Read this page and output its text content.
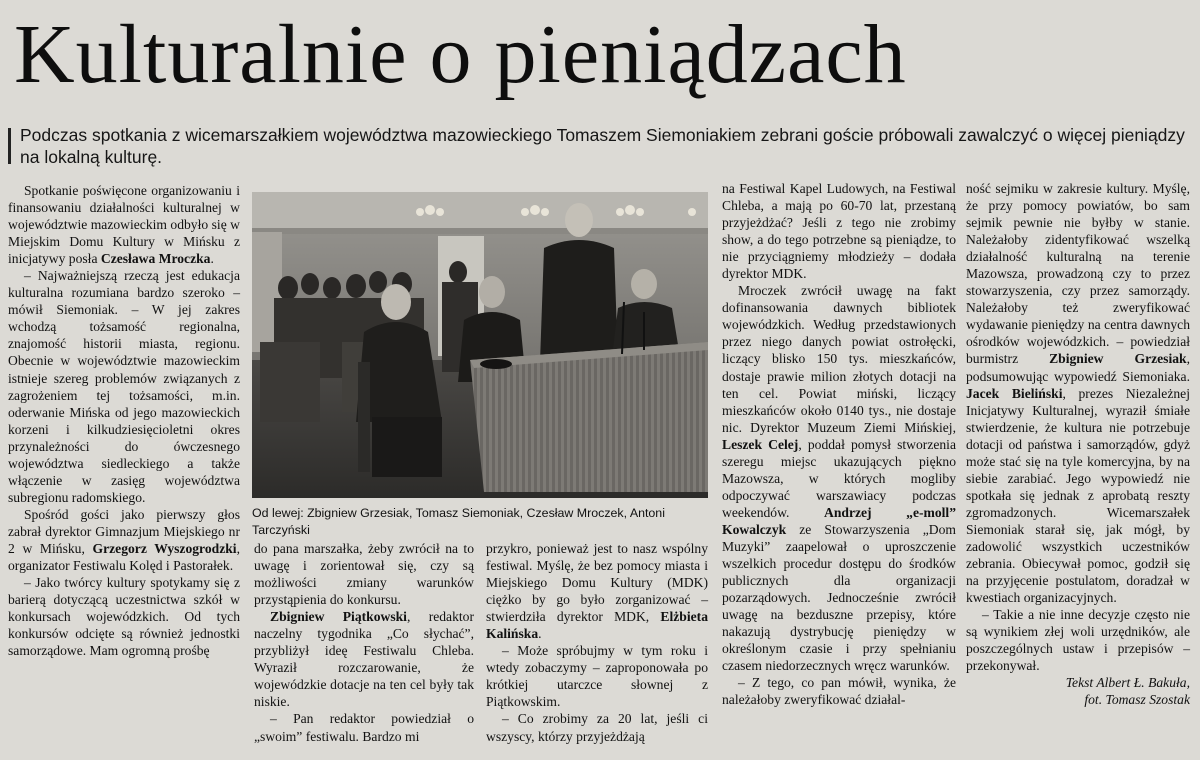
Kulturalnie o pieniądzach
Podczas spotkania z wicemarszałkiem województwa mazowieckiego Tomaszem Siemoniakiem zebrani goście próbowali zawalczyć o więcej pieniądzy na lokalną kulturę.

Spotkanie poświęcone organizowaniu i finansowaniu działalności kulturalnej w województwie mazowieckim odbyło się w Miejskim Domu Kultury w Mińsku z inicjatywy posła Czesława Mroczka.

– Najważniejszą rzeczą jest edukacja kulturalna rozumiana bardzo szeroko – mówił Siemoniak. – W jej zakres wchodzą tożsamość regionalna, znajomość historii miasta, regionu. Obecnie w województwie mazowieckim istnieje szereg problemów związanych z zagrożeniem tej tożsamości, m.in. oderwanie Mińska od jego mazowieckich korzeni i kilkudziesięcioletni okres przynależności do ówczesnego województwa siedleckiego a także włączenie w zasięg województwa subregionu radomskiego.

Spośród gości jako pierwszy głos zabrał dyrektor Gimnazjum Miejskiego nr 2 w Mińsku, Grzegorz Wyszogrodzki, organizator Festiwalu Kolęd i Pastorałek.

– Jako twórcy kultury spotykamy się z barierą dotyczącą uczestnictwa szkół w konkursach wojewódzkich. Od tych konkursów odcięte są również jednostki samorządowe. Mam ogromną prośbę

Od lewej: Zbigniew Grzesiak, Tomasz Siemoniak, Czesław Mroczek, Antoni Tarczyński

do pana marszałka, żeby zwrócił na to uwagę i zorientował się, czy są możliwości zmiany warunków przystąpienia do konkursu.

Zbigniew Piątkowski, redaktor naczelny tygodnika „Co słychać”, przybliżył ideę Festiwalu Chleba. Wyraził rozczarowanie, że wojewódzkie dotacje na ten cel były tak niskie.

– Pan redaktor powiedział o „swoim” festiwalu. Bardzo mi

przykro, ponieważ jest to nasz wspólny festiwal. Myślę, że bez pomocy miasta i Miejskiego Domu Kultury (MDK) ciężko by go było zorganizować – stwierdziła dyrektor MDK, Elżbieta Kalińska.

– Może spróbujmy w tym roku i wtedy zobaczymy – zaproponowała po krótkiej utarczce słownej z Piątkowskim.

– Co zrobimy za 20 lat, jeśli ci wszyscy, którzy przyjeżdżają

na Festiwal Kapel Ludowych, na Festiwal Chleba, a mają po 60-70 lat, przestaną przyjeżdżać? Jeśli z tego nie zrobimy show, a do tego potrzebne są pieniądze, to nie przyciągniemy młodzieży – dodała dyrektor MDK.

Mroczek zwrócił uwagę na fakt dofinansowania dawnych bibliotek wojewódzkich. Według przedstawionych przez niego danych powiat ostrołęcki, liczący blisko 150 tys. mieszkańców, dostaje prawie milion złotych dotacji na ten cel. Powiat miński, liczący mieszkańców około 0140 tys., nie dostaje nic. Dyrektor Muzeum Ziemi Mińskiej, Leszek Celej, poddał pomysł stworzenia szeregu miejsc ukazujących piękno Mazowsza, w których mogliby odpoczywać warszawiacy podczas weekendów. Andrzej „e-moll” Kowalczyk ze Stowarzyszenia „Dom Muzyki” zaapelował o uproszczenie wszelkich procedur dostępu do środków publicznych dla organizacji pozarządowych. Jednocześnie zwrócił uwagę na bezduszne przepisy, które nakazują dystrybucję pieniędzy w określonym czasie i przy spełnianiu czasem niedorzecznych wręcz warunków.

– Z tego, co pan mówił, wynika, że należałoby zweryfikować działal-

ność sejmiku w zakresie kultury. Myślę, że przy pomocy powiatów, bo sam sejmik pewnie nie byłby w stanie. Należałoby zidentyfikować wszelką działalność kulturalną na terenie Mazowsza, prowadzoną czy to przez stowarzyszenia, czy przez samorządy. Należałoby też zweryfikować wydawanie pieniędzy na centra dawnych ośrodków wojewódzkich. – powiedział burmistrz Zbigniew Grzesiak, podsumowując wypowiedź Siemoniaka. Jacek Bieliński, prezes Niezależnej Inicjatywy Kulturalnej, wyraził śmiałe stwierdzenie, że kultura nie potrzebuje dotacji od państwa i samorządów, gdyż może stać się na tyle komercyjna, by na siebie zarabiać. Jego wypowiedź nie spotkała się jednak z aprobatą reszty zgromadzonych. Wicemarszałek Siemoniak starał się, jak mógł, by zadowolić wszystkich uczestników zebrania. Obiecywał pomoc, godził się na przyjęcenie postulatom, doradzał w kwestiach organizacyjnych.

– Takie a nie inne decyzje często nie są wynikiem złej woli urzędników, ale poszczególnych ustaw i przepisów – przekonywał.

Tekst Albert Ł. Bakuła,

fot. Tomasz Szostak
